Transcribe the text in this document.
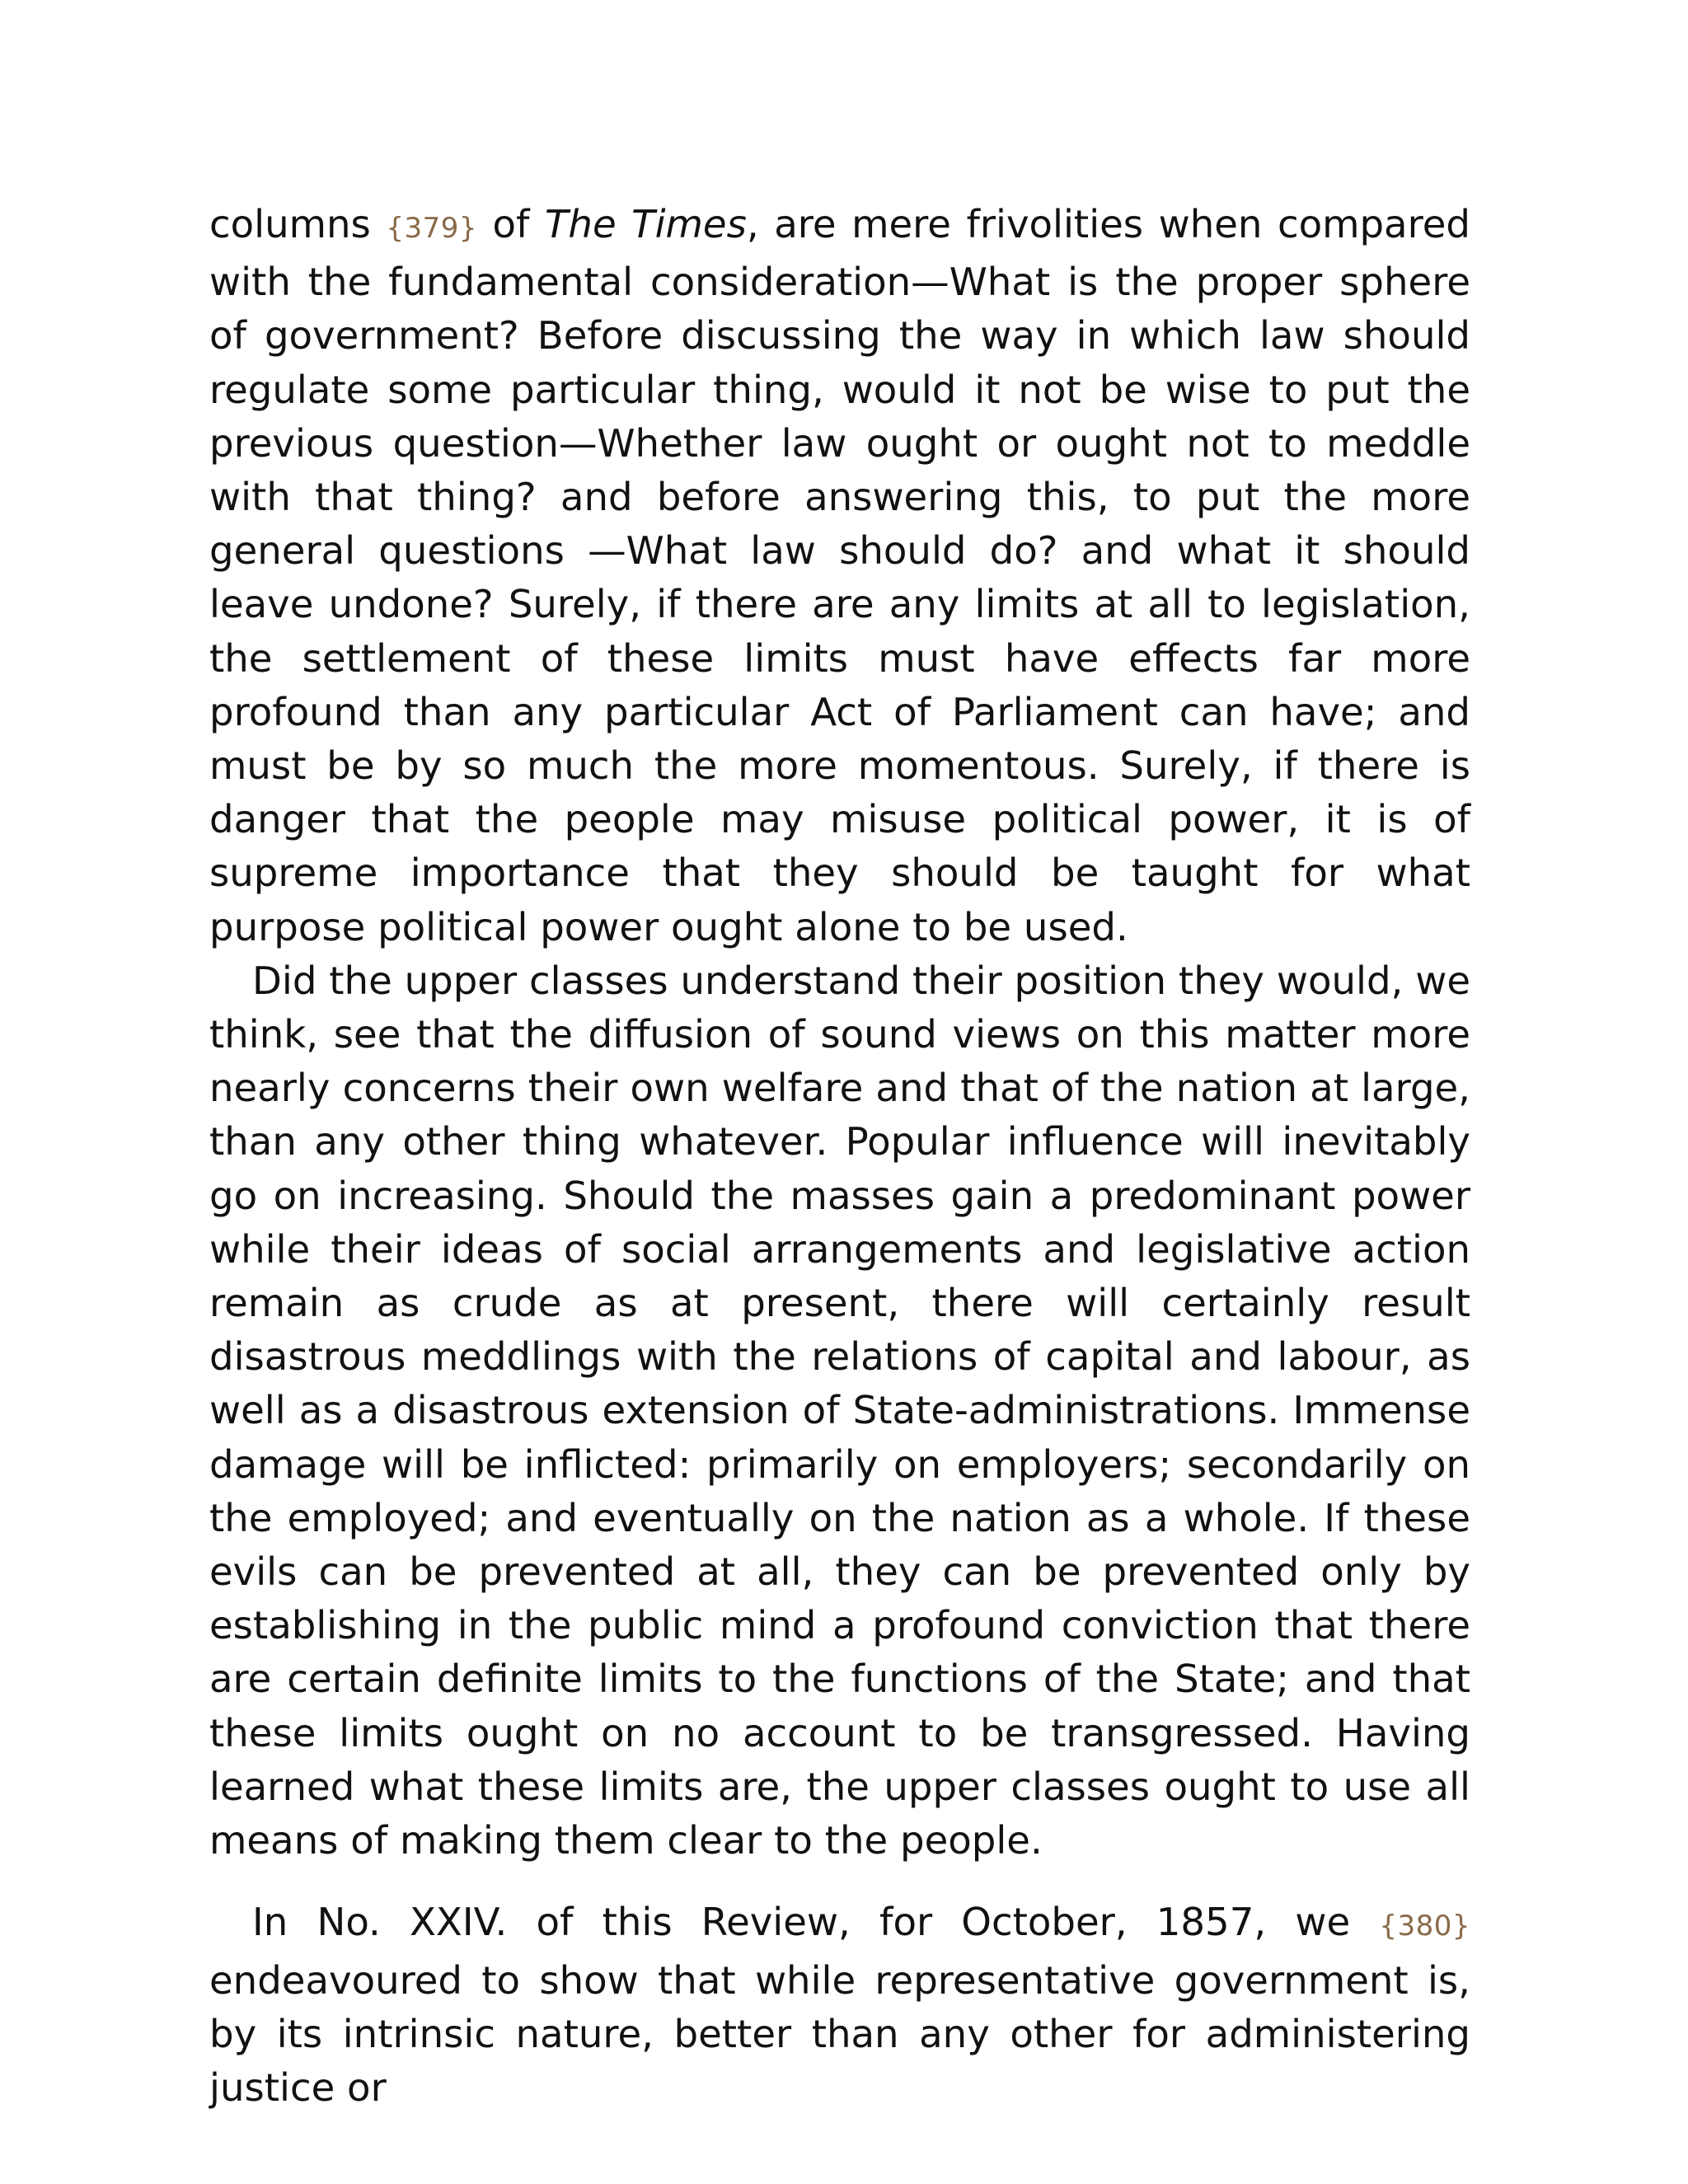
columns {379} of The Times, are mere frivolities when compared with the fundamental consideration—What is the proper sphere of government? Before discussing the way in which law should regulate some particular thing, would it not be wise to put the previous question—Whether law ought or ought not to meddle with that thing? and before answering this, to put the more general questions —What law should do? and what it should leave undone? Surely, if there are any limits at all to legislation, the settlement of these limits must have effects far more profound than any particular Act of Parliament can have; and must be by so much the more momentous. Surely, if there is danger that the people may misuse political power, it is of supreme importance that they should be taught for what purpose political power ought alone to be used.

Did the upper classes understand their position they would, we think, see that the diffusion of sound views on this matter more nearly concerns their own welfare and that of the nation at large, than any other thing whatever. Popular influence will inevitably go on increasing. Should the masses gain a predominant power while their ideas of social arrangements and legislative action remain as crude as at present, there will certainly result disastrous meddlings with the relations of capital and labour, as well as a disastrous extension of State-administrations. Immense damage will be inflicted: primarily on employers; secondarily on the employed; and eventually on the nation as a whole. If these evils can be prevented at all, they can be prevented only by establishing in the public mind a profound conviction that there are certain definite limits to the functions of the State; and that these limits ought on no account to be transgressed. Having learned what these limits are, the upper classes ought to use all means of making them clear to the people.

In No. XXIV. of this Review, for October, 1857, we {380} endeavoured to show that while representative government is, by its intrinsic nature, better than any other for administering justice or
